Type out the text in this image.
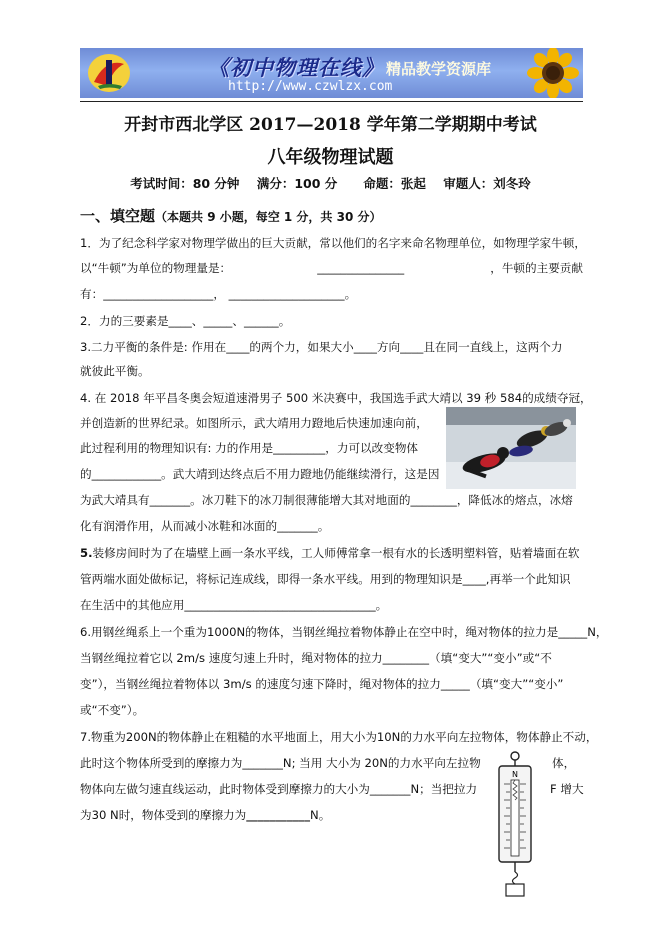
《初中物理在线》 精品教学资源库
http://www.czwlzx.com
开封市西北学区 2017—2018 学年第二学期期中考试
八年级物理试题
考试时间：80 分钟    满分：100 分      命题：张起    审题人：刘冬玲
一、填空题（本题共 9 小题，每空 1 分，共 30 分）
1．为了纪念科学家对物理学做出的巨大贡献，常以他们的名字来命名物理单位，如物理学家牛顿，
以“牛顿”为单位的物理量是：	_______________	，牛顿的主要贡献
有：___________________， ____________________。
2．力的三要素是____、_____、______。
3.二力平衡的条件是: 作用在____的两个力，如果大小____方向____且在同一直线上，这两个力
就彼此平衡。
4. 在 2018 年平昌冬奥会短道速滑男子 500 米决赛中，我国选手武大靖以 39 秒 584的成绩夺冠，
并创造新的世界纪录。如图所示，武大靖用力蹬地后快速加速向前，
此过程利用的物理知识有: 力的作用是_________，力可以改变物体
的____________。武大靖到达终点后不用力蹬地仍能继续滑行，这是因
为武大靖具有_______。冰刀鞋下的冰刀制很薄能增大其对地面的________，降低冰的熔点，冰熔
化有润滑作用，从而减小冰鞋和冰面的_______。
5.装修房间时为了在墙壁上画一条水平线，工人师傅常拿一根有水的长透明塑料管，贴着墙面在软
管两端水面处做标记，将标记连成线，即得一条水平线。用到的物理知识是____,再举一个此知识
在生活中的其他应用_________________________________。
6.用钢丝绳系上一个重为1000N的物体，当钢丝绳拉着物体静止在空中时，绳对物体的拉力是_____N，
当钢丝绳拉着它以 2m/s 速度匀速上升时，绳对物体的拉力________（填“变大”“变小”或“不
变”），当钢丝绳拉着物体以 3m/s 的速度匀速下降时，绳对物体的拉力_____（填“变大”“变小”
或“不变”）。
7.物重为200N的物体静止在粗糙的水平地面上，用大小为10N的力水平向左拉物体，物体静止不动，
此时这个物体所受到的摩擦力为_______N; 当用 大小为 20N的力水平向左拉物	体，
物体向左做匀速直线运动，此时物体受到摩擦力的大小为_______N；当把拉力	F 增大
为30 N时，物体受到的摩擦力为___________N。
N
